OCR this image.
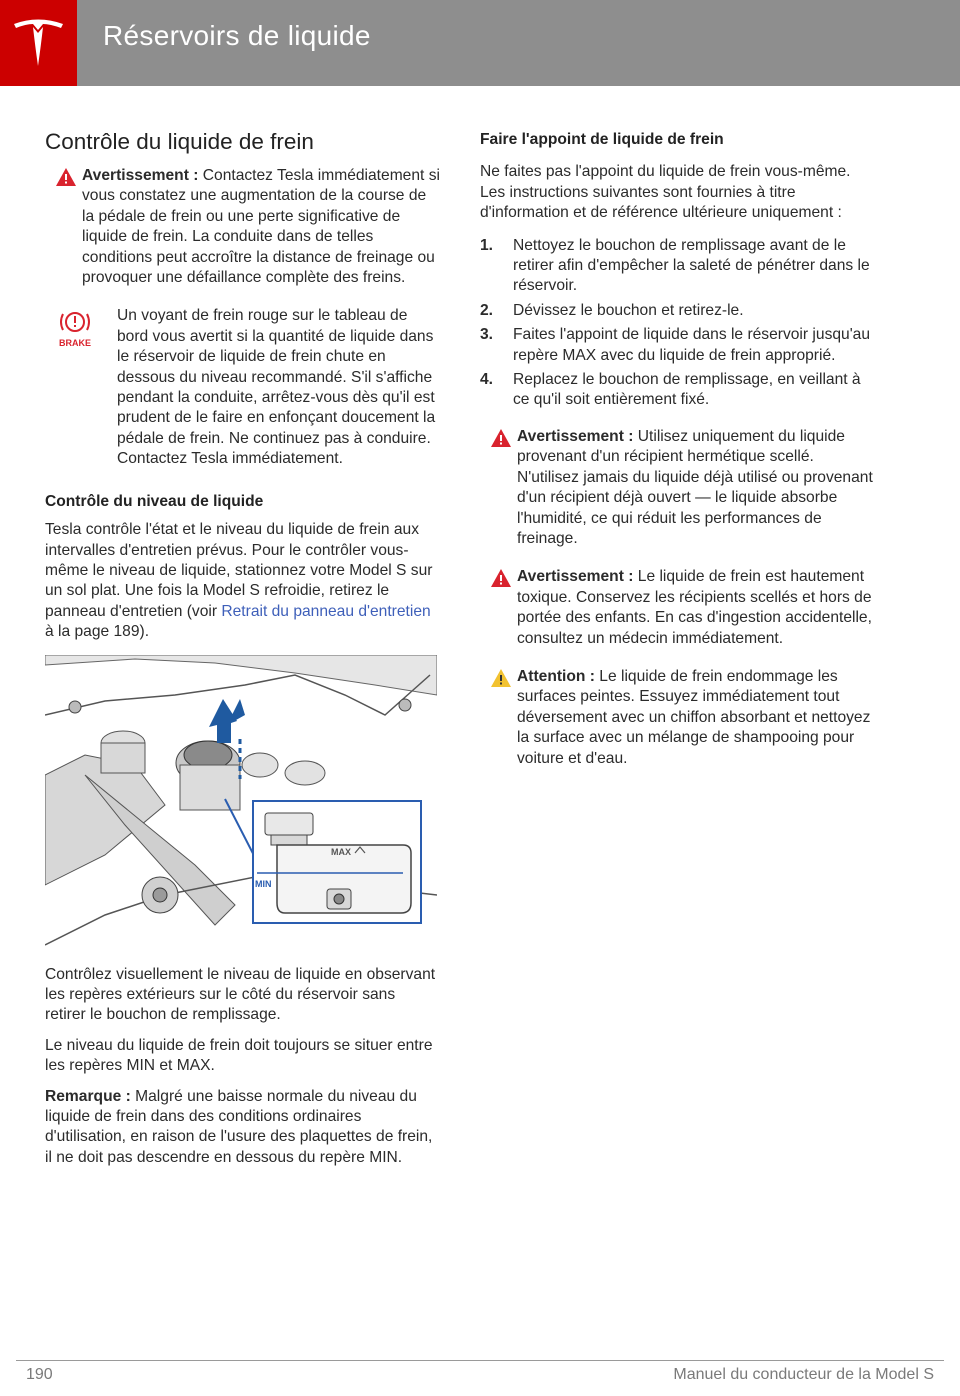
Réservoirs de liquide
Contrôle du liquide de frein
Avertissement : Contactez Tesla immédiatement si vous constatez une augmentation de la course de la pédale de frein ou une perte significative de liquide de frein. La conduite dans de telles conditions peut accroître la distance de freinage ou provoquer une défaillance complète des freins.
BRAKE
Un voyant de frein rouge sur le tableau de bord vous avertit si la quantité de liquide dans le réservoir de liquide de frein chute en dessous du niveau recommandé. S'il s'affiche pendant la conduite, arrêtez-vous dès qu'il est prudent de le faire en enfonçant doucement la pédale de frein. Ne continuez pas à conduire. Contactez Tesla immédiatement.
Contrôle du niveau de liquide

Tesla contrôle l'état et le niveau du liquide de frein aux intervalles d'entretien prévus. Pour le contrôler vous-même le niveau de liquide, stationnez votre Model S sur un sol plat. Une fois la Model S refroidie, retirez le panneau d'entretien (voir Retrait du panneau d'entretien à la page 189).

MAX
MIN

Contrôlez visuellement le niveau de liquide en observant les repères extérieurs sur le côté du réservoir sans retirer le bouchon de remplissage.

Le niveau du liquide de frein doit toujours se situer entre les repères MIN et MAX.

Remarque : Malgré une baisse normale du niveau du liquide de frein dans des conditions ordinaires d'utilisation, en raison de l'usure des plaquettes de frein, il ne doit pas descendre en dessous du repère MIN.

Faire l'appoint de liquide de frein

Ne faites pas l'appoint du liquide de frein vous-même. Les instructions suivantes sont fournies à titre d'information et de référence ultérieure uniquement :

1. Nettoyez le bouchon de remplissage avant de le retirer afin d'empêcher la saleté de pénétrer dans le réservoir.
2. Dévissez le bouchon et retirez-le.
3. Faites l'appoint de liquide dans le réservoir jusqu'au repère MAX avec du liquide de frein approprié.
4. Replacez le bouchon de remplissage, en veillant à ce qu'il soit entièrement fixé.
Avertissement : Utilisez uniquement du liquide provenant d'un récipient hermétique scellé. N'utilisez jamais du liquide déjà utilisé ou provenant d'un récipient déjà ouvert — le liquide absorbe l'humidité, ce qui réduit les performances de freinage.
Avertissement : Le liquide de frein est hautement toxique. Conservez les récipients scellés et hors de portée des enfants. En cas d'ingestion accidentelle, consultez un médecin immédiatement.
Attention : Le liquide de frein endommage les surfaces peintes. Essuyez immédiatement tout déversement avec un chiffon absorbant et nettoyez la surface avec un mélange de shampooing pour voiture et d'eau.
190	Manuel du conducteur de la Model S
